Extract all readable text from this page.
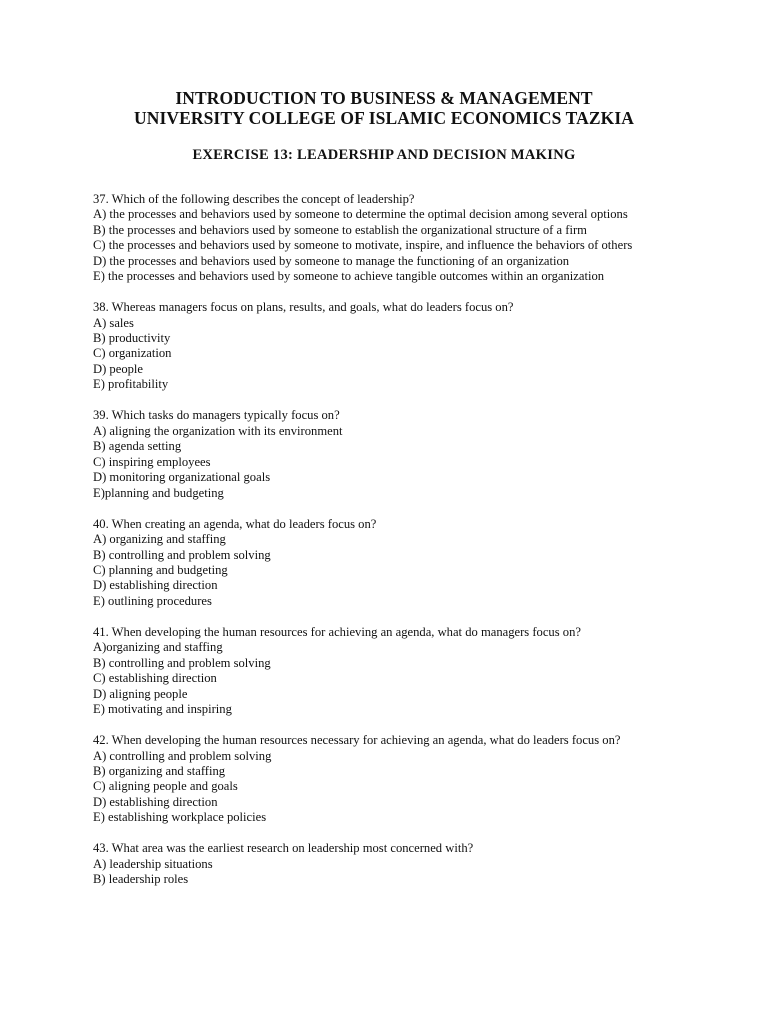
INTRODUCTION TO BUSINESS & MANAGEMENT
UNIVERSITY COLLEGE OF ISLAMIC ECONOMICS TAZKIA
EXERCISE 13: LEADERSHIP AND DECISION MAKING
37. Which of the following describes the concept of leadership?
A) the processes and behaviors used by someone to determine the optimal decision among several options
B) the processes and behaviors used by someone to establish the organizational structure of a firm
C) the processes and behaviors used by someone to motivate, inspire, and influence the behaviors of others
D) the processes and behaviors used by someone to manage the functioning of an organization
E) the processes and behaviors used by someone to achieve tangible outcomes within an organization
38. Whereas managers focus on plans, results, and goals, what do leaders focus on?
A) sales
B) productivity
C) organization
D) people
E) profitability
39. Which tasks do managers typically focus on?
A) aligning the organization with its environment
B) agenda setting
C) inspiring employees
D) monitoring organizational goals
E)planning and budgeting
40. When creating an agenda, what do leaders focus on?
A) organizing and staffing
B) controlling and problem solving
C) planning and budgeting
D) establishing direction
E) outlining procedures
41. When developing the human resources for achieving an agenda, what do managers focus on?
A)organizing and staffing
B) controlling and problem solving
C) establishing direction
D) aligning people
E) motivating and inspiring
42. When developing the human resources necessary for achieving an agenda, what do leaders focus on?
A) controlling and problem solving
B) organizing and staffing
C) aligning people and goals
D) establishing direction
E) establishing workplace policies
43. What area was the earliest research on leadership most concerned with?
A) leadership situations
B) leadership roles
